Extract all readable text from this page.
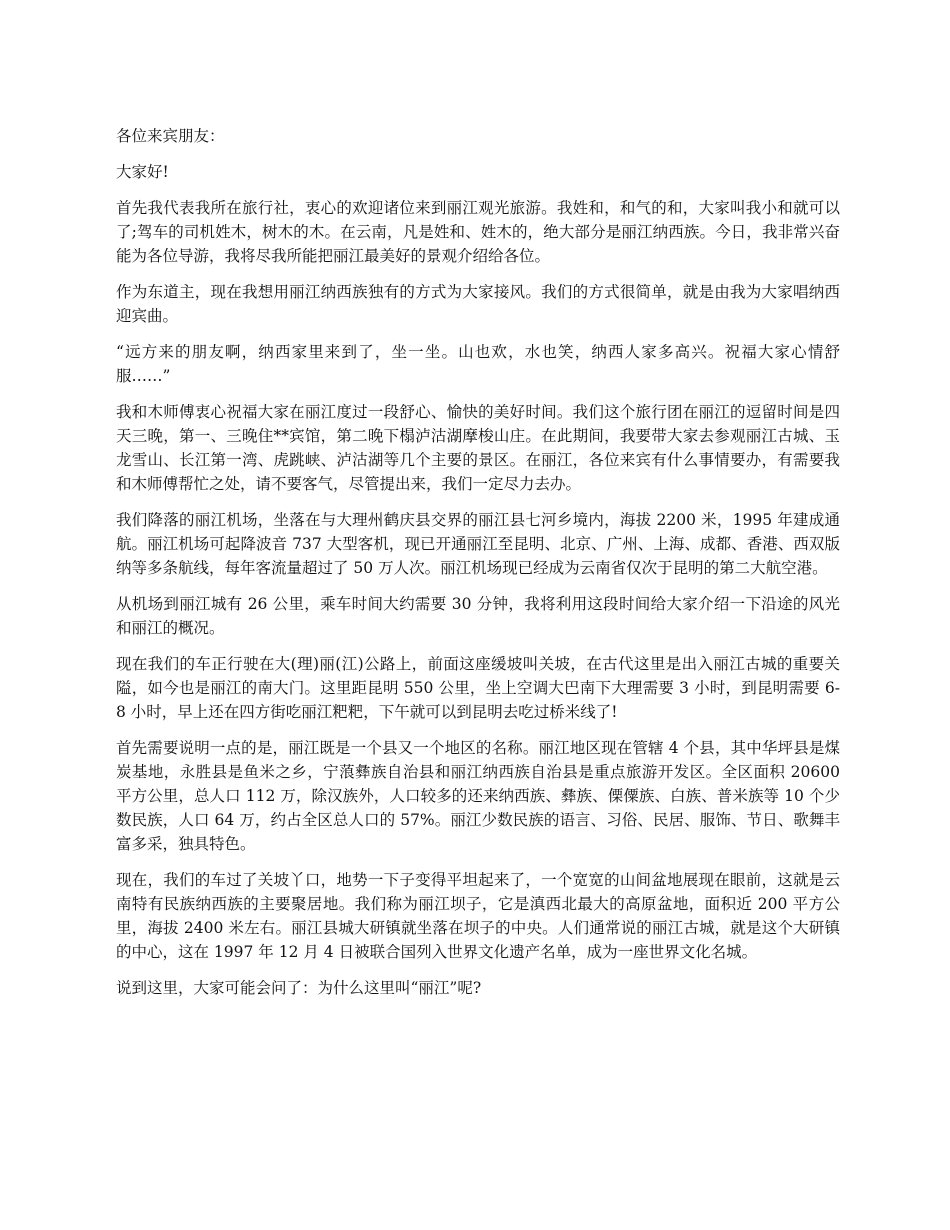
各位来宾朋友：

大家好!

首先我代表我所在旅行社，衷心的欢迎诸位来到丽江观光旅游。我姓和，和气的和，大家叫我小和就可以了;驾车的司机姓木，树木的木。在云南，凡是姓和、姓木的，绝大部分是丽江纳西族。今日，我非常兴奋能为各位导游，我将尽我所能把丽江最美好的景观介绍给各位。

作为东道主，现在我想用丽江纳西族独有的方式为大家接风。我们的方式很简单，就是由我为大家唱纳西迎宾曲。

“远方来的朋友啊，纳西家里来到了，坐一坐。山也欢，水也笑，纳西人家多高兴。祝福大家心情舒服……”

我和木师傅衷心祝福大家在丽江度过一段舒心、愉快的美好时间。我们这个旅行团在丽江的逗留时间是四天三晚，第一、三晚住**宾馆，第二晚下榻泸沽湖摩梭山庄。在此期间，我要带大家去参观丽江古城、玉龙雪山、长江第一湾、虎跳峡、泸沽湖等几个主要的景区。在丽江，各位来宾有什么事情要办，有需要我和木师傅帮忙之处，请不要客气，尽管提出来，我们一定尽力去办。

我们降落的丽江机场，坐落在与大理州鹤庆县交界的丽江县七河乡境内，海拔 2200 米，1995 年建成通航。丽江机场可起降波音 737 大型客机，现已开通丽江至昆明、北京、广州、上海、成都、香港、西双版纳等多条航线，每年客流量超过了 50 万人次。丽江机场现已经成为云南省仅次于昆明的第二大航空港。

从机场到丽江城有 26 公里，乘车时间大约需要 30 分钟，我将利用这段时间给大家介绍一下沿途的风光和丽江的概况。

现在我们的车正行驶在大(理)丽(江)公路上，前面这座缓坡叫关坡，在古代这里是出入丽江古城的重要关隘，如今也是丽江的南大门。这里距昆明 550 公里，坐上空调大巴南下大理需要 3 小时，到昆明需要 6-8 小时，早上还在四方街吃丽江粑粑，下午就可以到昆明去吃过桥米线了!

首先需要说明一点的是，丽江既是一个县又一个地区的名称。丽江地区现在管辖 4 个县，其中华坪县是煤炭基地，永胜县是鱼米之乡，宁蒗彝族自治县和丽江纳西族自治县是重点旅游开发区。全区面积 20600 平方公里，总人口 112 万，除汉族外，人口较多的还来纳西族、彝族、傈僳族、白族、普米族等 10 个少数民族，人口 64 万，约占全区总人口的 57%。丽江少数民族的语言、习俗、民居、服饰、节日、歌舞丰富多采，独具特色。

现在，我们的车过了关坡丫口，地势一下子变得平坦起来了，一个宽宽的山间盆地展现在眼前，这就是云南特有民族纳西族的主要聚居地。我们称为丽江坝子，它是滇西北最大的高原盆地，面积近 200 平方公里，海拔 2400 米左右。丽江县城大研镇就坐落在坝子的中央。人们通常说的丽江古城，就是这个大研镇的中心，这在 1997 年 12 月 4 日被联合国列入世界文化遗产名单，成为一座世界文化名城。

说到这里，大家可能会问了：为什么这里叫“丽江”呢?
